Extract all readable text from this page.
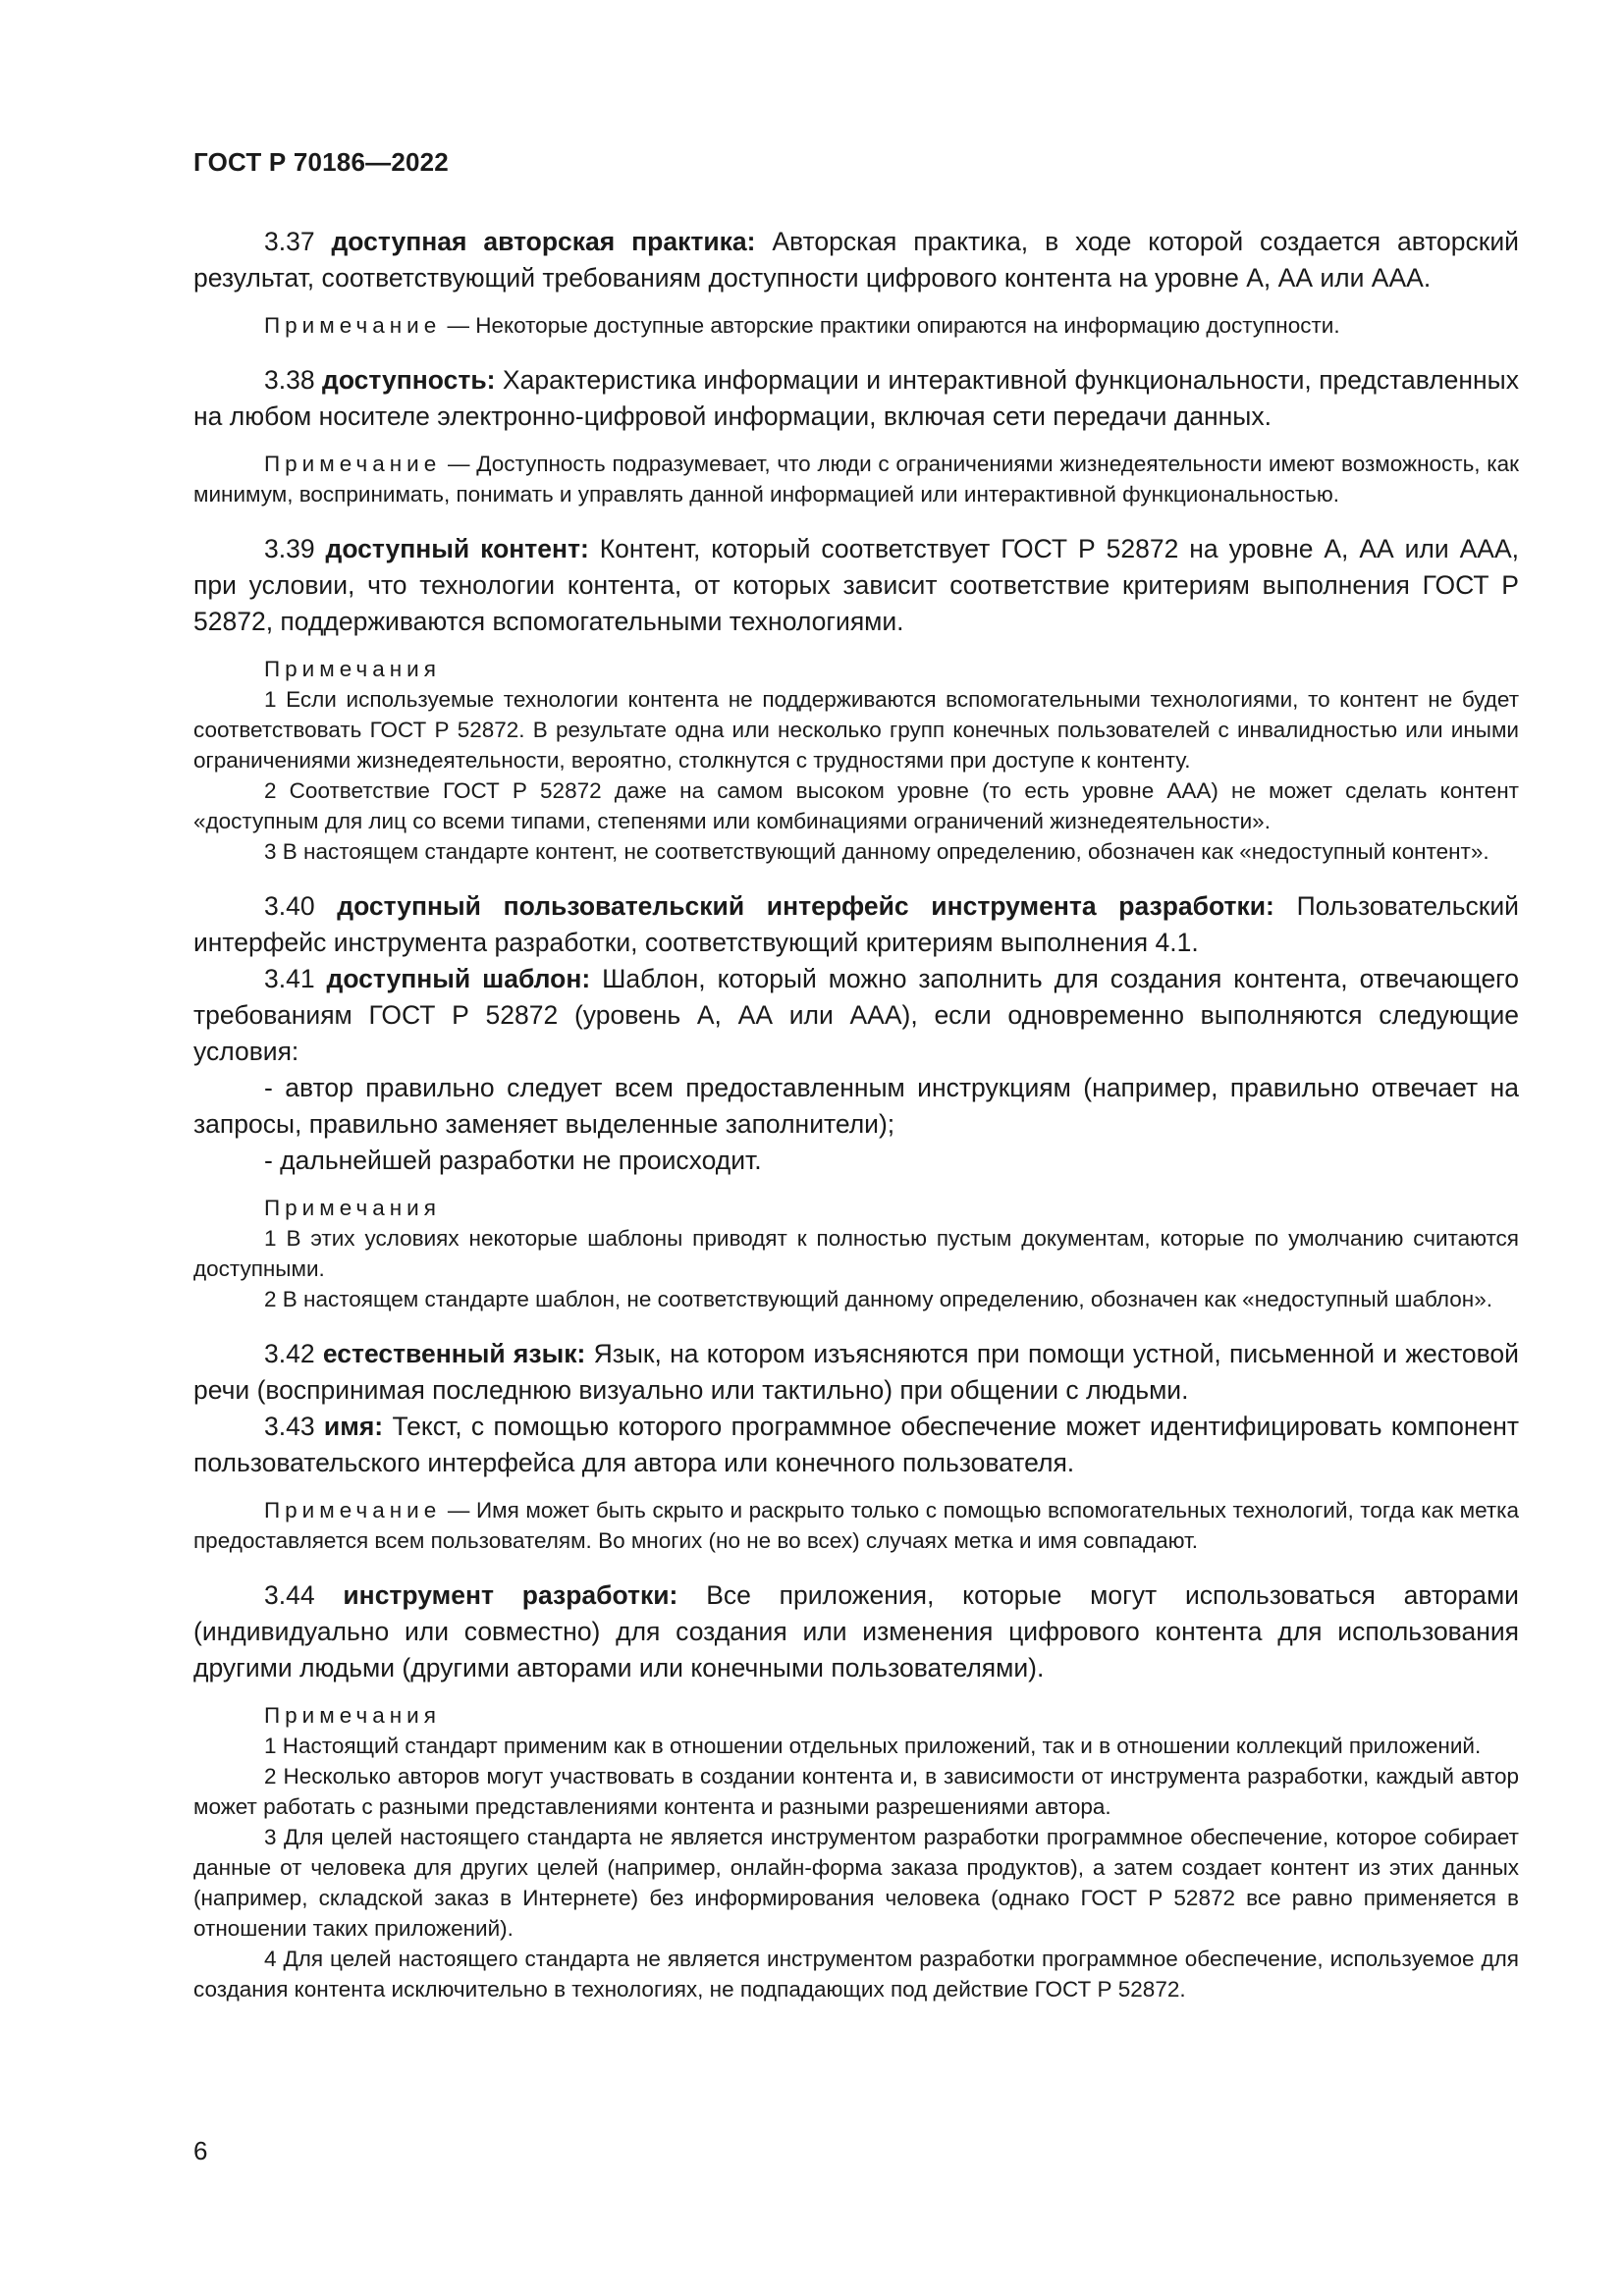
ГОСТ Р 70186—2022

3.37 доступная авторская практика: Авторская практика, в ходе которой создается авторский результат, соответствующий требованиям доступности цифрового контента на уровне А, АА или ААА.

Примечание — Некоторые доступные авторские практики опираются на информацию доступности.

3.38 доступность: Характеристика информации и интерактивной функциональности, представленных на любом носителе электронно-цифровой информации, включая сети передачи данных.

Примечание — Доступность подразумевает, что люди с ограничениями жизнедеятельности имеют возможность, как минимум, воспринимать, понимать и управлять данной информацией или интерактивной функциональностью.

3.39 доступный контент: Контент, который соответствует ГОСТ Р 52872 на уровне А, АА или ААА, при условии, что технологии контента, от которых зависит соответствие критериям выполнения ГОСТ Р 52872, поддерживаются вспомогательными технологиями.

Примечания

1 Если используемые технологии контента не поддерживаются вспомогательными технологиями, то контент не будет соответствовать ГОСТ Р 52872. В результате одна или несколько групп конечных пользователей с инвалидностью или иными ограничениями жизнедеятельности, вероятно, столкнутся с трудностями при доступе к контенту.

2 Соответствие ГОСТ Р 52872 даже на самом высоком уровне (то есть уровне ААА) не может сделать контент «доступным для лиц со всеми типами, степенями или комбинациями ограничений жизнедеятельности».

3 В настоящем стандарте контент, не соответствующий данному определению, обозначен как «недоступный контент».

3.40 доступный пользовательский интерфейс инструмента разработки: Пользовательский интерфейс инструмента разработки, соответствующий критериям выполнения 4.1.

3.41 доступный шаблон: Шаблон, который можно заполнить для создания контента, отвечающего требованиям ГОСТ Р 52872 (уровень А, АА или ААА), если одновременно выполняются следующие условия:

- автор правильно следует всем предоставленным инструкциям (например, правильно отвечает на запросы, правильно заменяет выделенные заполнители);

- дальнейшей разработки не происходит.

Примечания

1 В этих условиях некоторые шаблоны приводят к полностью пустым документам, которые по умолчанию считаются доступными.

2 В настоящем стандарте шаблон, не соответствующий данному определению, обозначен как «недоступный шаблон».

3.42 естественный язык: Язык, на котором изъясняются при помощи устной, письменной и жестовой речи (воспринимая последнюю визуально или тактильно) при общении с людьми.

3.43 имя: Текст, с помощью которого программное обеспечение может идентифицировать компонент пользовательского интерфейса для автора или конечного пользователя.

Примечание — Имя может быть скрыто и раскрыто только с помощью вспомогательных технологий, тогда как метка предоставляется всем пользователям. Во многих (но не во всех) случаях метка и имя совпадают.

3.44 инструмент разработки: Все приложения, которые могут использоваться авторами (индивидуально или совместно) для создания или изменения цифрового контента для использования другими людьми (другими авторами или конечными пользователями).

Примечания

1 Настоящий стандарт применим как в отношении отдельных приложений, так и в отношении коллекций приложений.

2 Несколько авторов могут участвовать в создании контента и, в зависимости от инструмента разработки, каждый автор может работать с разными представлениями контента и разными разрешениями автора.

3 Для целей настоящего стандарта не является инструментом разработки программное обеспечение, которое собирает данные от человека для других целей (например, онлайн-форма заказа продуктов), а затем создает контент из этих данных (например, складской заказ в Интернете) без информирования человека (однако ГОСТ Р 52872 все равно применяется в отношении таких приложений).

4 Для целей настоящего стандарта не является инструментом разработки программное обеспечение, используемое для создания контента исключительно в технологиях, не подпадающих под действие ГОСТ Р 52872.

6
